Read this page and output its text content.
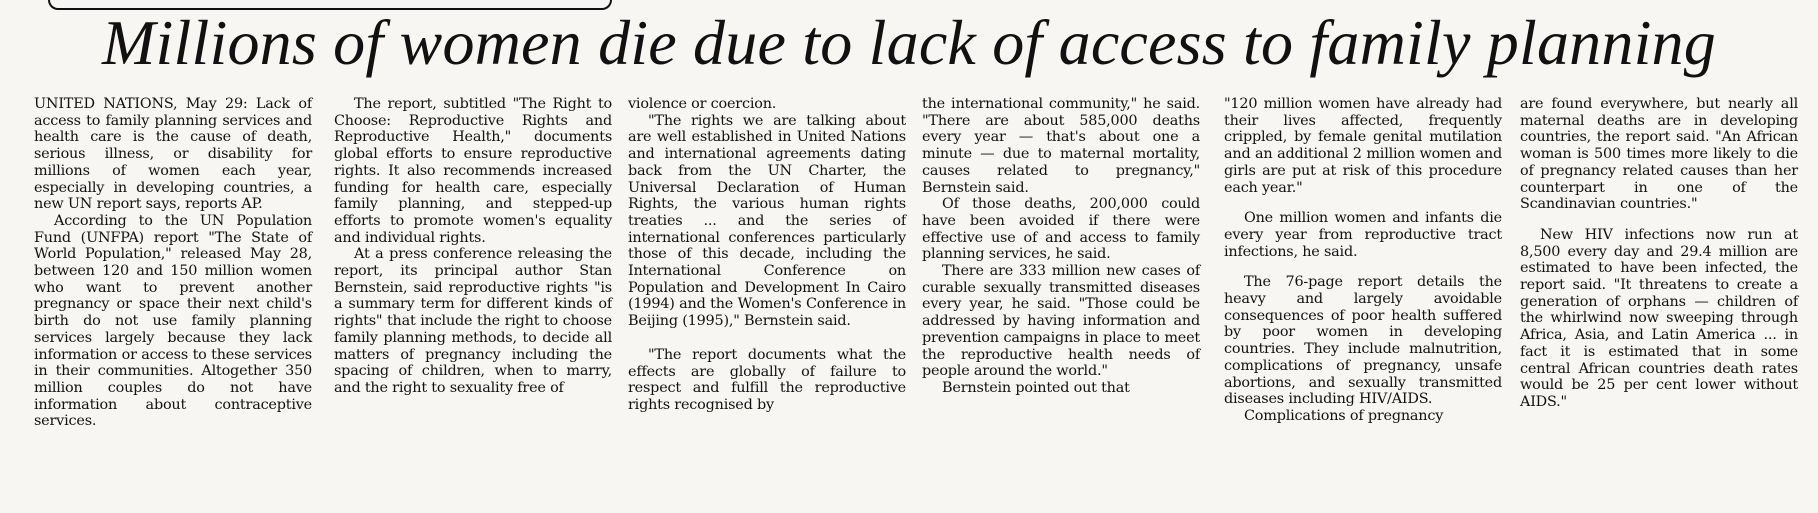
Millions of women die due to lack of access to family planning

UNITED NATIONS, May 29: Lack of access to family planning services and health care is the cause of death, serious illness, or disability for millions of women each year, especially in developing countries, a new UN report says, reports AP.

According to the UN Population Fund (UNFPA) report "The State of World Population," released May 28, between 120 and 150 million women who want to prevent another pregnancy or space their next child's birth do not use family planning services largely because they lack information or access to these services in their communities. Altogether 350 million couples do not have information about contraceptive services.

The report, subtitled "The Right to Choose: Reproductive Rights and Reproductive Health," documents global efforts to ensure reproductive rights. It also recommends increased funding for health care, especially family planning, and stepped-up efforts to promote women's equality and individual rights.

At a press conference releasing the report, its principal author Stan Bernstein, said reproductive rights "is a summary term for different kinds of rights" that include the right to choose family planning methods, to decide all matters of pregnancy including the spacing of children, when to marry, and the right to sexuality free of

violence or coercion.

"The rights we are talking about are well established in United Nations and international agreements dating back from the UN Charter, the Universal Declaration of Human Rights, the various human rights treaties ... and the series of international conferences particularly those of this decade, including the International Conference on Population and Development In Cairo (1994) and the Women's Conference in Beijing (1995)," Bernstein said.

"The report documents what the effects are globally of failure to respect and fulfill the reproductive rights recognised by

the international community," he said. "There are about 585,000 deaths every year — that's about one a minute — due to maternal mortality, causes related to pregnancy," Bernstein said.

Of those deaths, 200,000 could have been avoided if there were effective use of and access to family planning services, he said.

There are 333 million new cases of curable sexually transmitted diseases every year, he said. "Those could be addressed by having information and prevention campaigns in place to meet the reproductive health needs of people around the world."

Bernstein pointed out that

"120 million women have already had their lives affected, frequently crippled, by female genital mutilation and an additional 2 million women and girls are put at risk of this procedure each year."

One million women and infants die every year from reproductive tract infections, he said.

The 76-page report details the heavy and largely avoidable consequences of poor health suffered by poor women in developing countries. They include malnutrition, complications of pregnancy, unsafe abortions, and sexually transmitted diseases including HIV/AIDS.

Complications of pregnancy

are found everywhere, but nearly all maternal deaths are in developing countries, the report said. "An African woman is 500 times more likely to die of pregnancy related causes than her counterpart in one of the Scandinavian countries."

New HIV infections now run at 8,500 every day and 29.4 million are estimated to have been infected, the report said. "It threatens to create a generation of orphans — children of the whirlwind now sweeping through Africa, Asia, and Latin America ... in fact it is estimated that in some central African countries death rates would be 25 per cent lower without AIDS."
